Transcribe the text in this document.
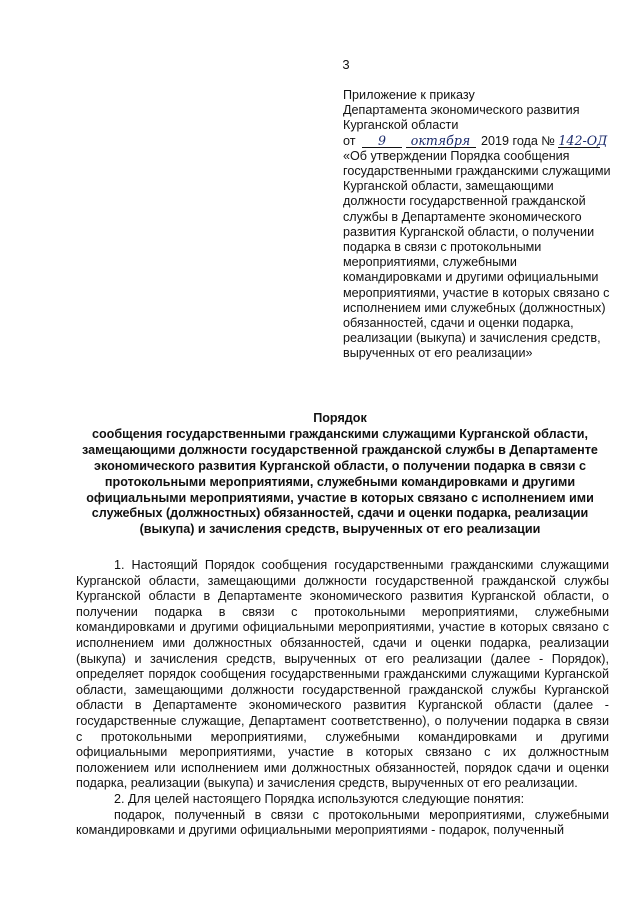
3
Приложение к приказу
Департамента экономического развития
Курганской области
от 9 октября 2019 года № 142-ОД
«Об утверждении Порядка сообщения государственными гражданскими служащими Курганской области, замещающими должности государственной гражданской службы в Департаменте экономического развития Курганской области, о получении подарка в связи с протокольными мероприятиями, служебными командировками и другими официальными мероприятиями, участие в которых связано с исполнением ими служебных (должностных) обязанностей, сдачи и оценки подарка, реализации (выкупа) и зачисления средств, вырученных от его реализации»
Порядок
сообщения государственными гражданскими служащими Курганской области, замещающими должности государственной гражданской службы в Департаменте экономического развития Курганской области, о получении подарка в связи с протокольными мероприятиями, служебными командировками и другими официальными мероприятиями, участие в которых связано с исполнением ими служебных (должностных) обязанностей, сдачи и оценки подарка, реализации (выкупа) и зачисления средств, вырученных от его реализации

1. Настоящий Порядок сообщения государственными гражданскими служащими Курганской области, замещающими должности государственной гражданской службы Курганской области в Департаменте экономического развития Курганской области, о получении подарка в связи с протокольными мероприятиями, служебными командировками и другими официальными мероприятиями, участие в которых связано с исполнением ими должностных обязанностей, сдачи и оценки подарка, реализации (выкупа) и зачисления средств, вырученных от его реализации (далее - Порядок), определяет порядок сообщения государственными гражданскими служащими Курганской области, замещающими должности государственной гражданской службы Курганской области в Департаменте экономического развития Курганской области (далее - государственные служащие, Департамент соответственно), о получении подарка в связи с протокольными мероприятиями, служебными командировками и другими официальными мероприятиями, участие в которых связано с их должностным положением или исполнением ими должностных обязанностей, порядок сдачи и оценки подарка, реализации (выкупа) и зачисления средств, вырученных от его реализации.

2. Для целей настоящего Порядка используются следующие понятия:

подарок, полученный в связи с протокольными мероприятиями, служебными командировками и другими официальными мероприятиями - подарок, полученный
